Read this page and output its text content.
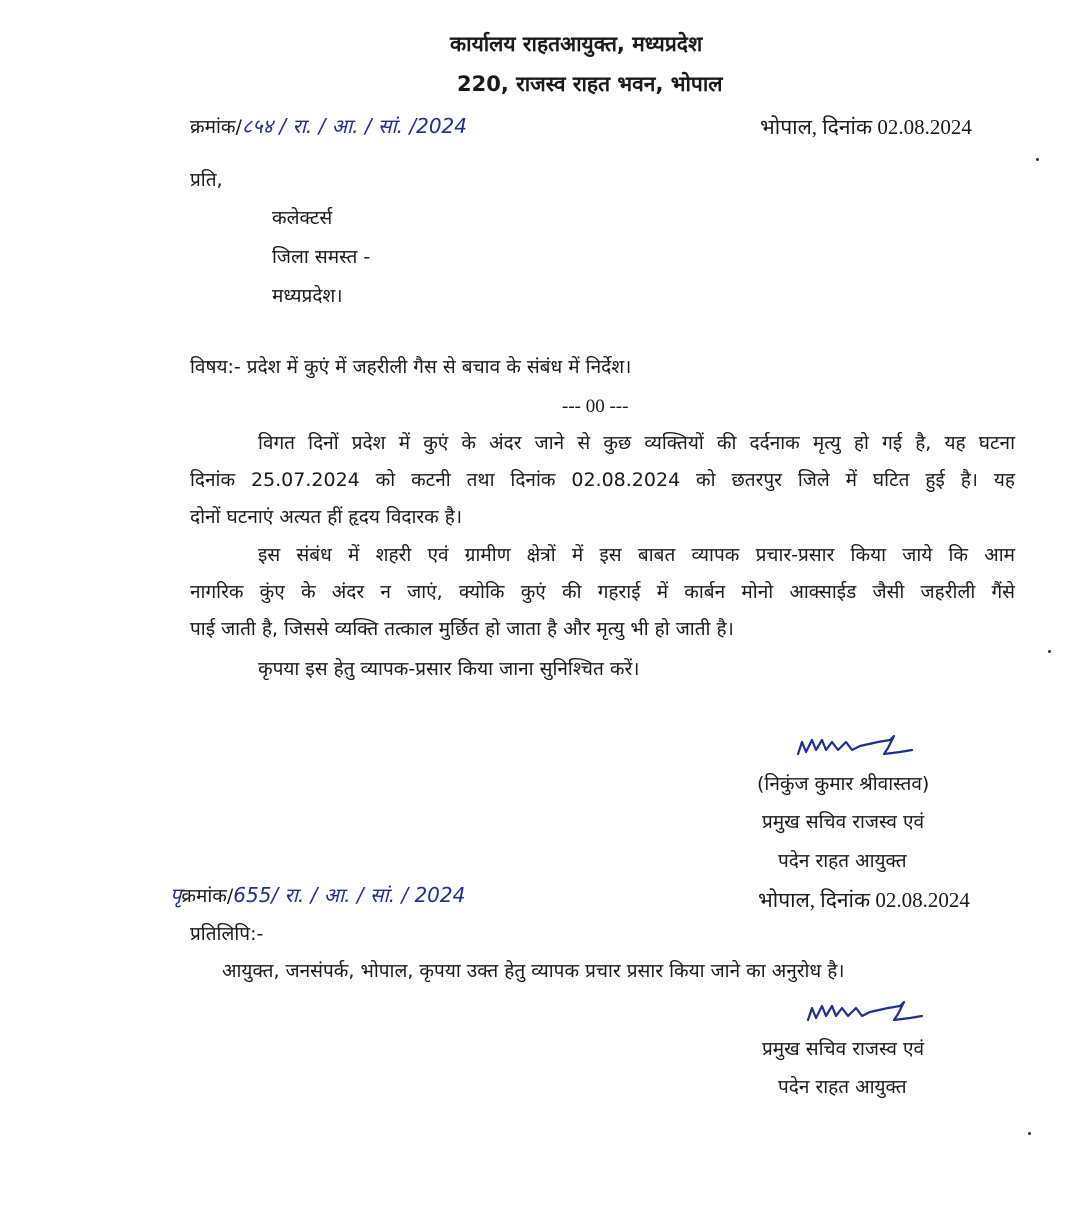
कार्यालय राहतआयुक्त, मध्यप्रदेश
220, राजस्व राहत भवन, भोपाल
क्रमांक/८५४ / रा. / आ. / सां. /2024	भोपाल, दिनांक 02.08.2024
प्रति,
कलेक्टर्स
जिला समस्त -
मध्यप्रदेश।
विषय:- प्रदेश में कुएं में जहरीली गैस से बचाव के संबंध में निर्देश।
--- 00 ---
विगत दिनों प्रदेश में कुएं के अंदर जाने से कुछ व्यक्तियों की दर्दनाक मृत्यु हो गई है, यह घटना
दिनांक 25.07.2024 को कटनी तथा दिनांक 02.08.2024 को छतरपुर जिले में घटित हुई है। यह
दोनों घटनाएं अत्यत हीं हृदय विदारक है।
इस संबंध में शहरी एवं ग्रामीण क्षेत्रों में इस बाबत व्यापक प्रचार-प्रसार किया जाये कि आम
नागरिक कुंए के अंदर न जाएं, क्योकि कुएं की गहराई में कार्बन मोनो आक्साईड जैसी जहरीली गैंसे
पाई जाती है, जिससे व्यक्ति तत्काल मुर्छित हो जाता है और मृत्यु भी हो जाती है।
कृपया इस हेतु व्यापक-प्रसार किया जाना सुनिश्चित करें।
(निकुंज कुमार श्रीवास्तव)
प्रमुख सचिव राजस्व एवं
पदेन राहत आयुक्त
पृक्रमांक/655/ रा. / आ. / सां. / 2024	भोपाल, दिनांक 02.08.2024
प्रतिलिपि:-
आयुक्त, जनसंपर्क, भोपाल, कृपया उक्त हेतु व्यापक प्रचार प्रसार किया जाने का अनुरोध है।
प्रमुख सचिव राजस्व एवं
पदेन राहत आयुक्त
